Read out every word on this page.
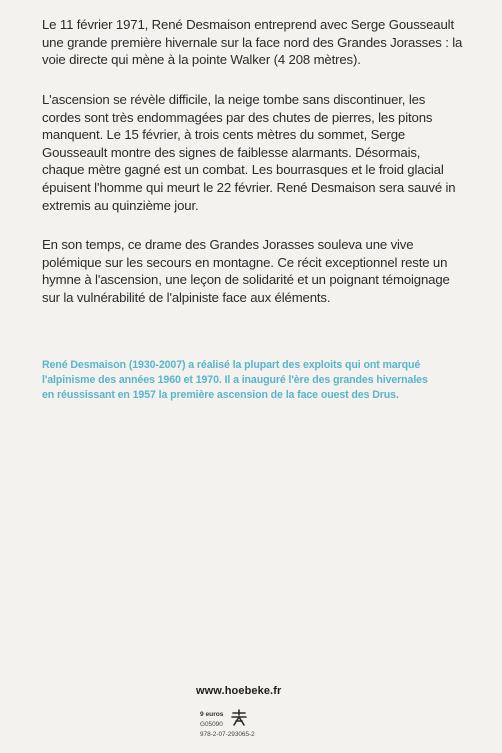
Le 11 février 1971, René Desmaison entreprend avec Serge Gousseault une grande première hivernale sur la face nord des Grandes Jorasses : la voie directe qui mène à la pointe Walker (4 208 mètres).

L'ascension se révèle difficile, la neige tombe sans discontinuer, les cordes sont très endommagées par des chutes de pierres, les pitons manquent. Le 15 février, à trois cents mètres du sommet, Serge Gousseault montre des signes de faiblesse alarmants. Désormais, chaque mètre gagné est un combat. Les bourrasques et le froid glacial épuisent l'homme qui meurt le 22 février. René Desmaison sera sauvé in extremis au quinzième jour.

En son temps, ce drame des Grandes Jorasses souleva une vive polémique sur les secours en montagne. Ce récit exceptionnel reste un hymne à l'ascension, une leçon de solidarité et un poignant témoignage sur la vulnérabilité de l'alpiniste face aux éléments.

René Desmaison (1930-2007) a réalisé la plupart des exploits qui ont marqué l'alpinisme des années 1960 et 1970. Il a inauguré l'ère des grandes hivernales en réussissant en 1957 la première ascension de la face ouest des Drus.

www.hoebeke.fr
9 euros
G05090
978-2-07-293065-2
